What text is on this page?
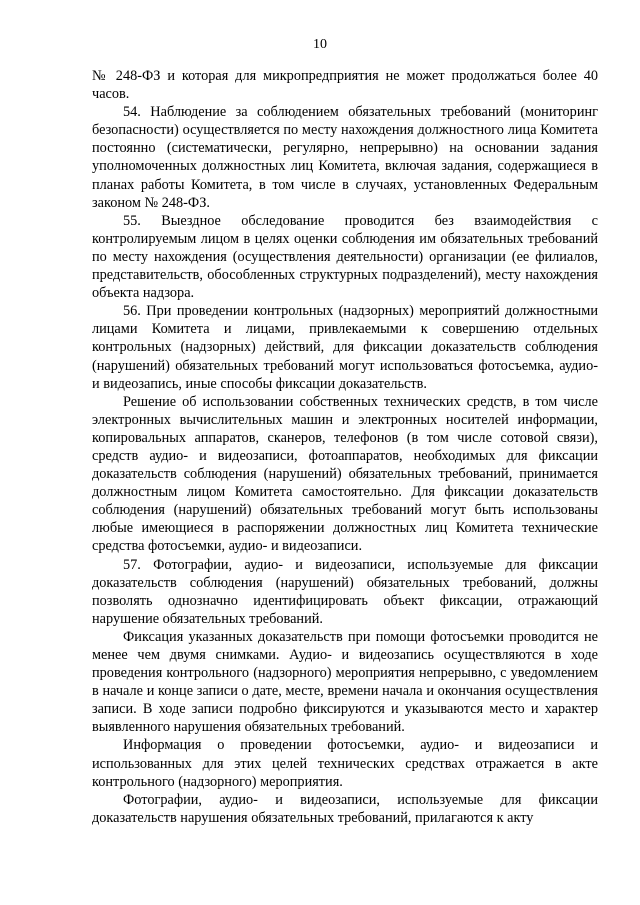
10

№ 248-ФЗ и которая для микропредприятия не может продолжаться более 40 часов.

54. Наблюдение за соблюдением обязательных требований (мониторинг безопасности) осуществляется по месту нахождения должностного лица Комитета постоянно (систематически, регулярно, непрерывно) на основании задания уполномоченных должностных лиц Комитета, включая задания, содержащиеся в планах работы Комитета, в том числе в случаях, установленных Федеральным законом № 248-ФЗ.

55. Выездное обследование проводится без взаимодействия с контролируемым лицом в целях оценки соблюдения им обязательных требований по месту нахождения (осуществления деятельности) организации (ее филиалов, представительств, обособленных структурных подразделений), месту нахождения объекта надзора.

56. При проведении контрольных (надзорных) мероприятий должностными лицами Комитета и лицами, привлекаемыми к совершению отдельных контрольных (надзорных) действий, для фиксации доказательств соблюдения (нарушений) обязательных требований могут использоваться фотосъемка, аудио- и видеозапись, иные способы фиксации доказательств.

Решение об использовании собственных технических средств, в том числе электронных вычислительных машин и электронных носителей информации, копировальных аппаратов, сканеров, телефонов (в том числе сотовой связи), средств аудио- и видеозаписи, фотоаппаратов, необходимых для фиксации доказательств соблюдения (нарушений) обязательных требований, принимается должностным лицом Комитета самостоятельно. Для фиксации доказательств соблюдения (нарушений) обязательных требований могут быть использованы любые имеющиеся в распоряжении должностных лиц Комитета технические средства фотосъемки, аудио- и видеозаписи.

57. Фотографии, аудио- и видеозаписи, используемые для фиксации доказательств соблюдения (нарушений) обязательных требований, должны позволять однозначно идентифицировать объект фиксации, отражающий нарушение обязательных требований.

Фиксация указанных доказательств при помощи фотосъемки проводится не менее чем двумя снимками. Аудио- и видеозапись осуществляются в ходе проведения контрольного (надзорного) мероприятия непрерывно, с уведомлением в начале и конце записи о дате, месте, времени начала и окончания осуществления записи. В ходе записи подробно фиксируются и указываются место и характер выявленного нарушения обязательных требований.

Информация о проведении фотосъемки, аудио- и видеозаписи и использованных для этих целей технических средствах отражается в акте контрольного (надзорного) мероприятия.

Фотографии, аудио- и видеозаписи, используемые для фиксации доказательств нарушения обязательных требований, прилагаются к акту
